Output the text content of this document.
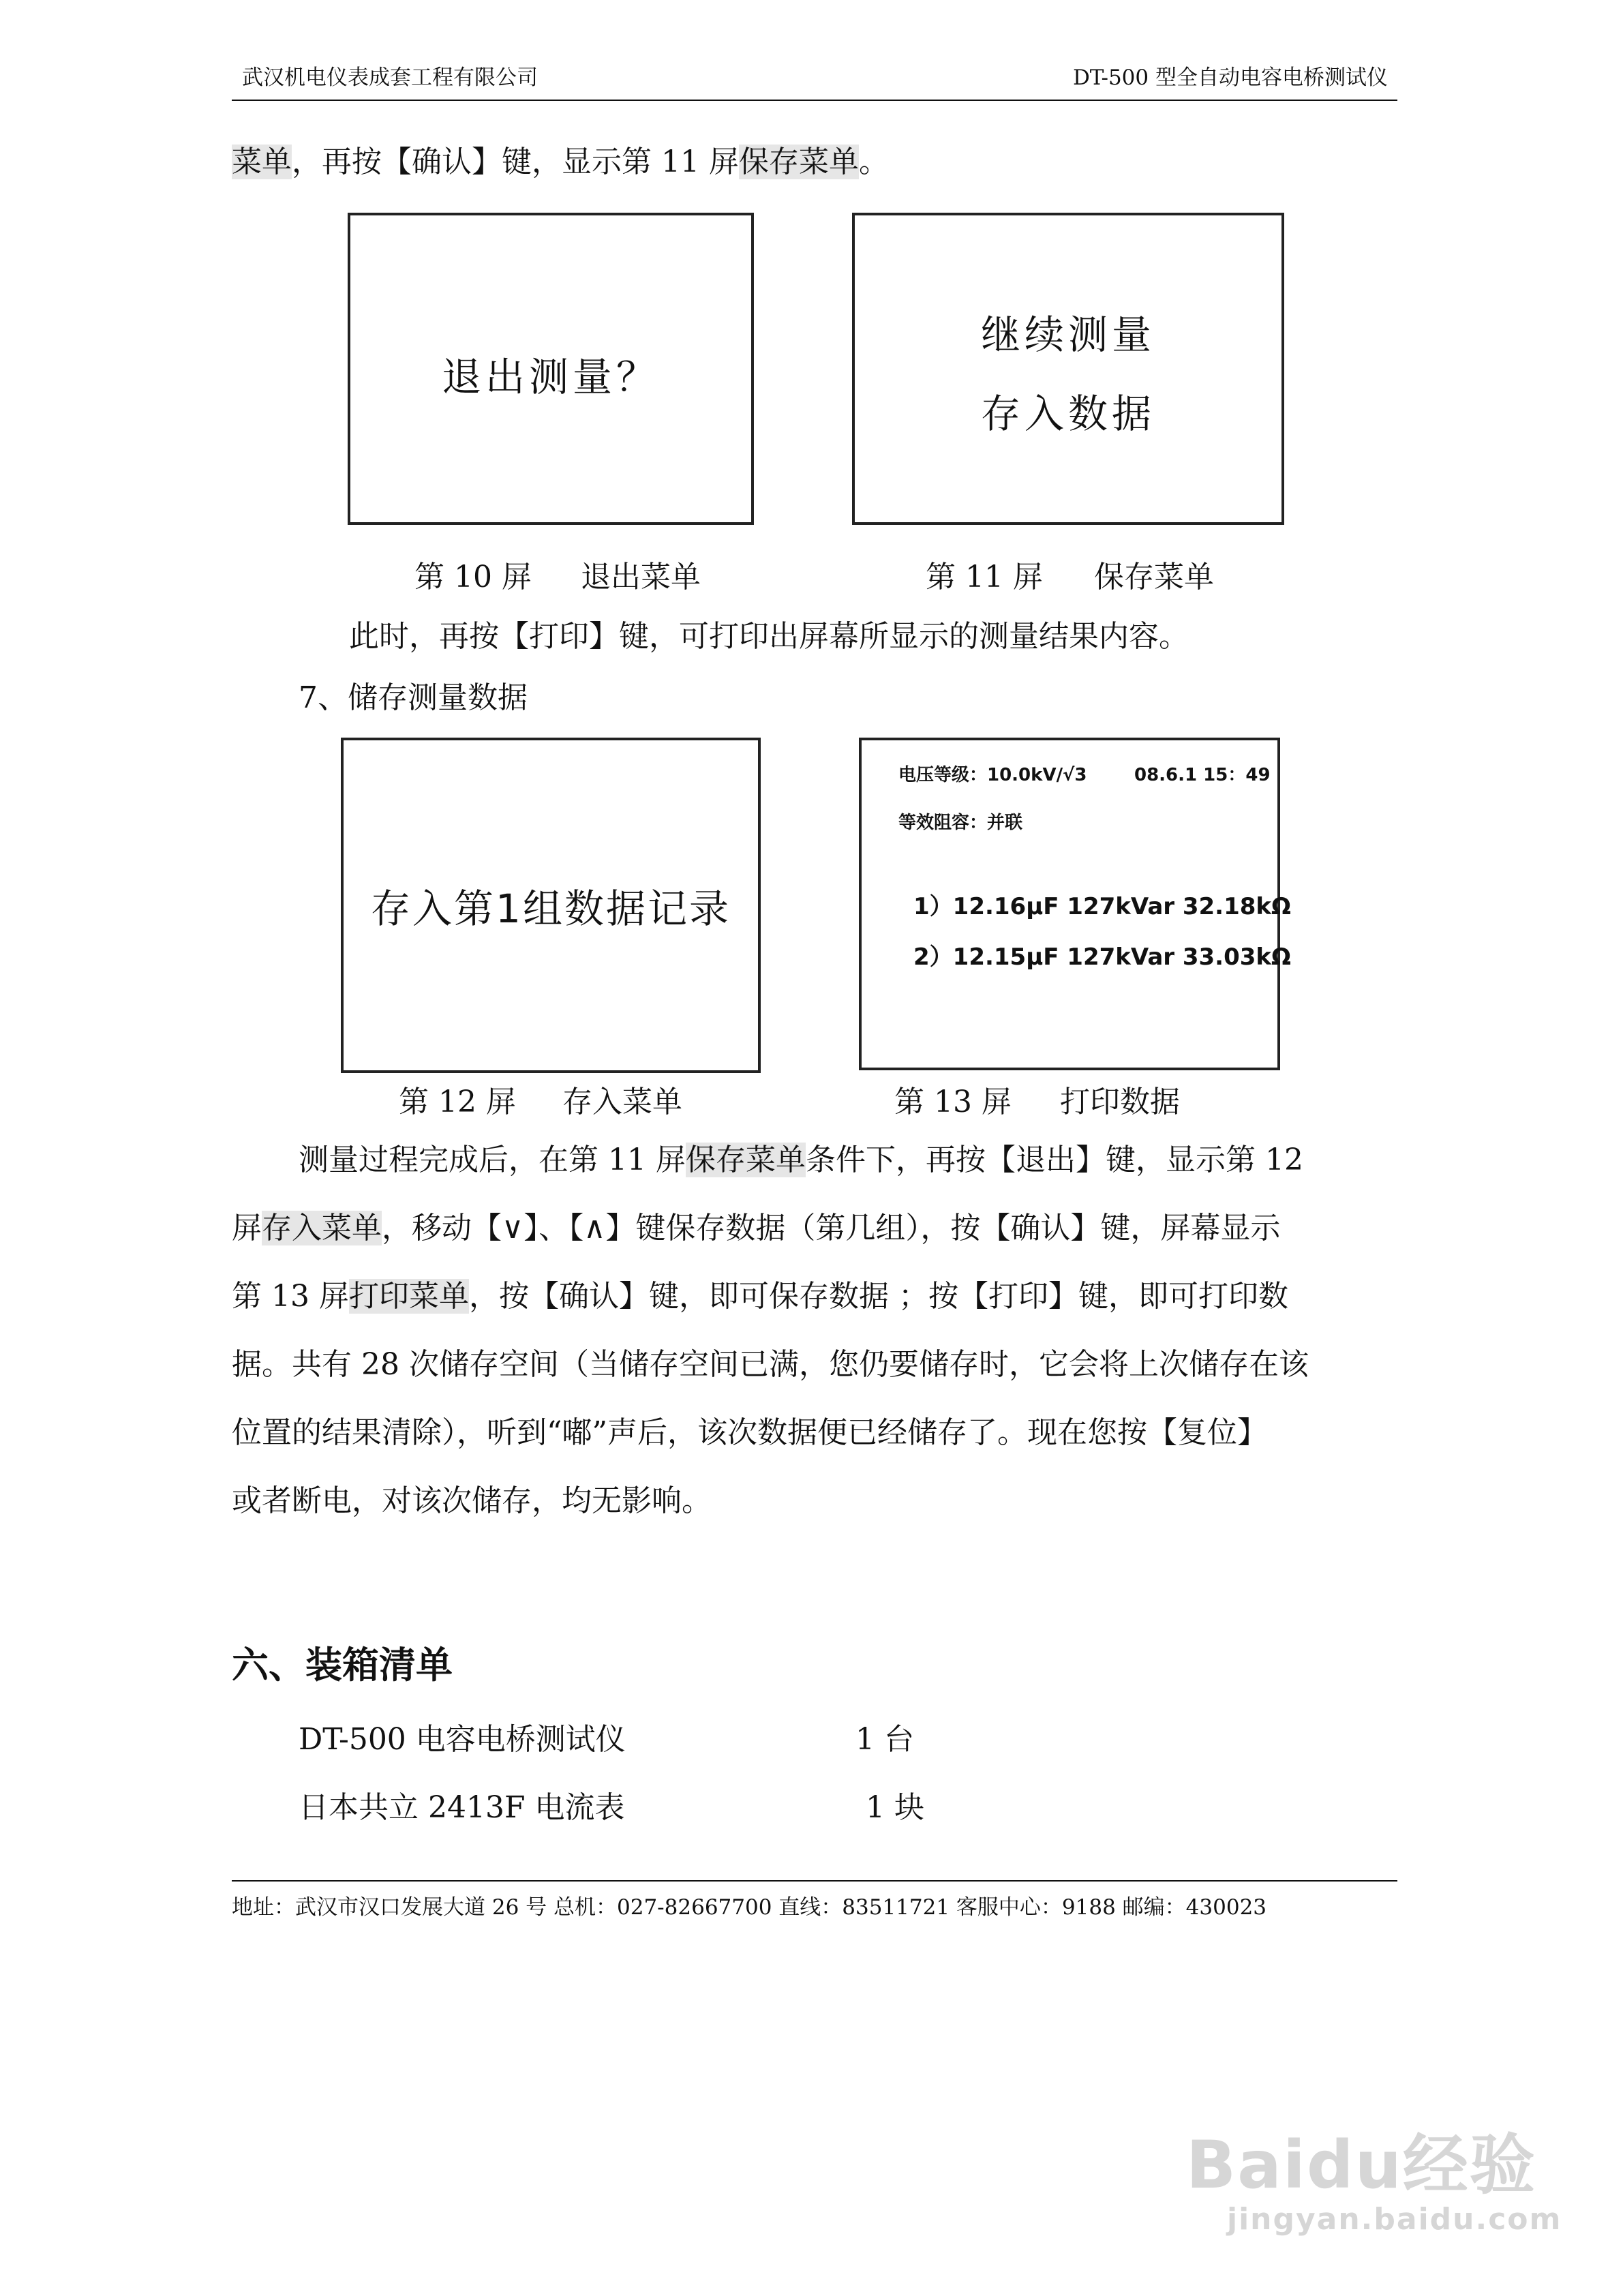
武汉机电仪表成套工程有限公司	DT-500 型全自动电容电桥测试仪
菜单，再按【确认】键，显示第 11 屏保存菜单。
退出测量？
第 10 屏 退出菜单
继续测量
存入数据
第 11 屏 保存菜单
此时，再按【打印】键，可打印出屏幕所显示的测量结果内容。
7、储存测量数据
存入第1组数据记录
第 12 屏 存入菜单
电压等级：10.0kV/√3	08.6.1 15：49
等效阻容：并联
1）12.16μF 127kVar 32.18kΩ
2）12.15μF 127kVar 33.03kΩ
第 13 屏 打印数据
测量过程完成后，在第 11 屏保存菜单条件下，再按【退出】键，显示第 12
屏存入菜单，移动【∨】、【∧】键保存数据（第几组），按【确认】键，屏幕显示
第 13 屏打印菜单，按【确认】键，即可保存数据 ；按【打印】键，即可打印数
据。共有 28 次储存空间（当储存空间已满，您仍要储存时，它会将上次储存在该
位置的结果清除），听到“嘟”声后，该次数据便已经储存了。现在您按【复位】
或者断电，对该次储存，均无影响。
六、装箱清单
DT-500 电容电桥测试仪	1 台
日本共立 2413F 电流表	1 块
地址：武汉市汉口发展大道 26 号 总机：027-82667700 直线：83511721 客服中心：9188 邮编：430023
Baidu经验
jingyan.baidu.com
